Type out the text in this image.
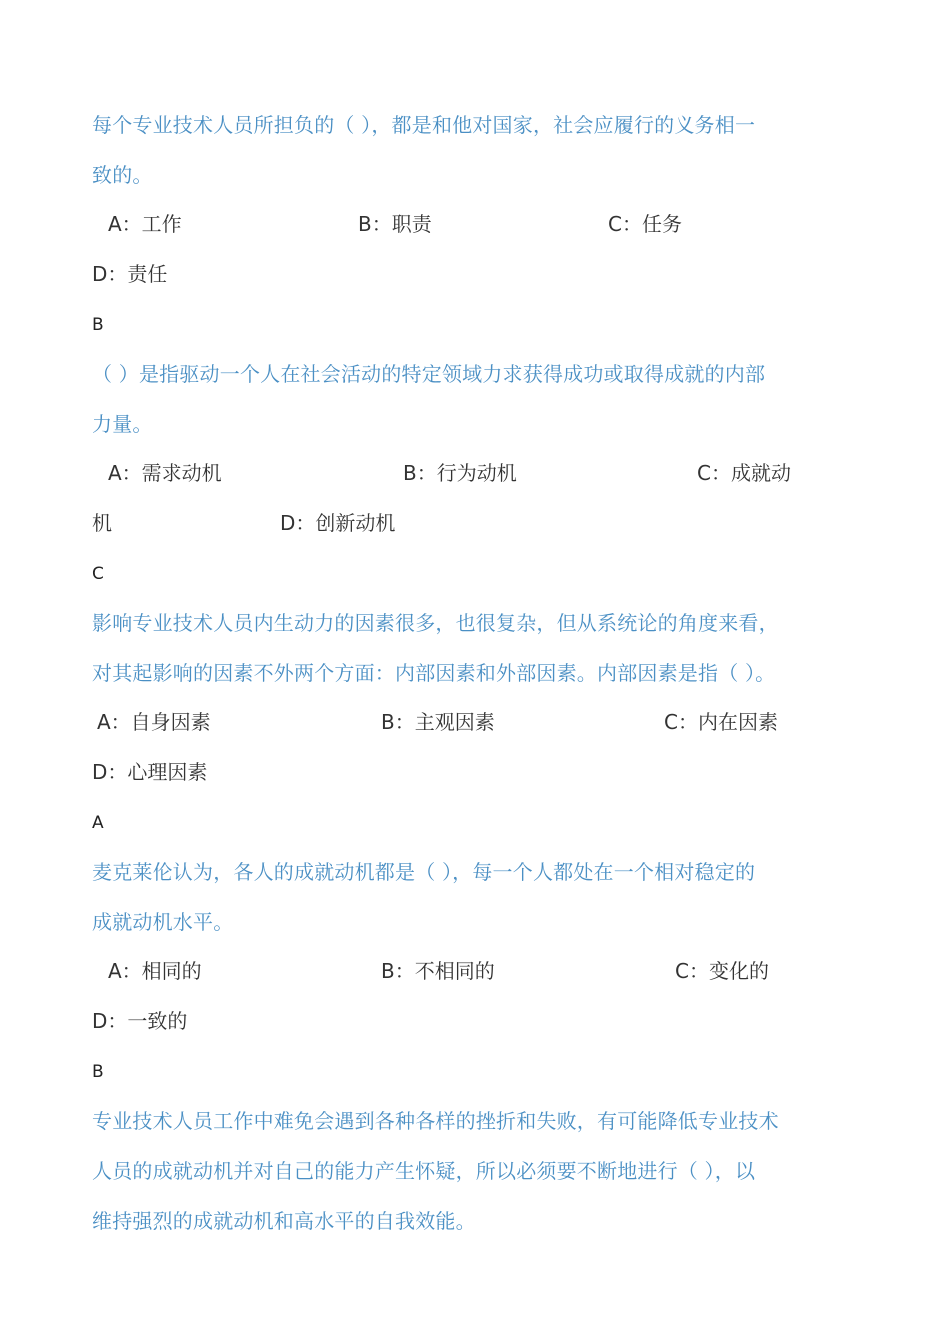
每个专业技术人员所担负的（ ），都是和他对国家，社会应履行的义务相一
致的。
A：工作	B：职责	C：任务
D：责任
B
（ ）是指驱动一个人在社会活动的特定领域力求获得成功或取得成就的内部
力量。
A：需求动机	B：行为动机	C：成就动
机	D：创新动机
C
影响专业技术人员内生动力的因素很多，也很复杂，但从系统论的角度来看，
对其起影响的因素不外两个方面：内部因素和外部因素。内部因素是指（ ）。
A：自身因素	B：主观因素	C：内在因素
D：心理因素
A
麦克莱伦认为，各人的成就动机都是（ ），每一个人都处在一个相对稳定的
成就动机水平。
A：相同的	B：不相同的	C：变化的
D：一致的
B
专业技术人员工作中难免会遇到各种各样的挫折和失败，有可能降低专业技术
人员的成就动机并对自己的能力产生怀疑，所以必须要不断地进行（ ），以
维持强烈的成就动机和高水平的自我效能。
